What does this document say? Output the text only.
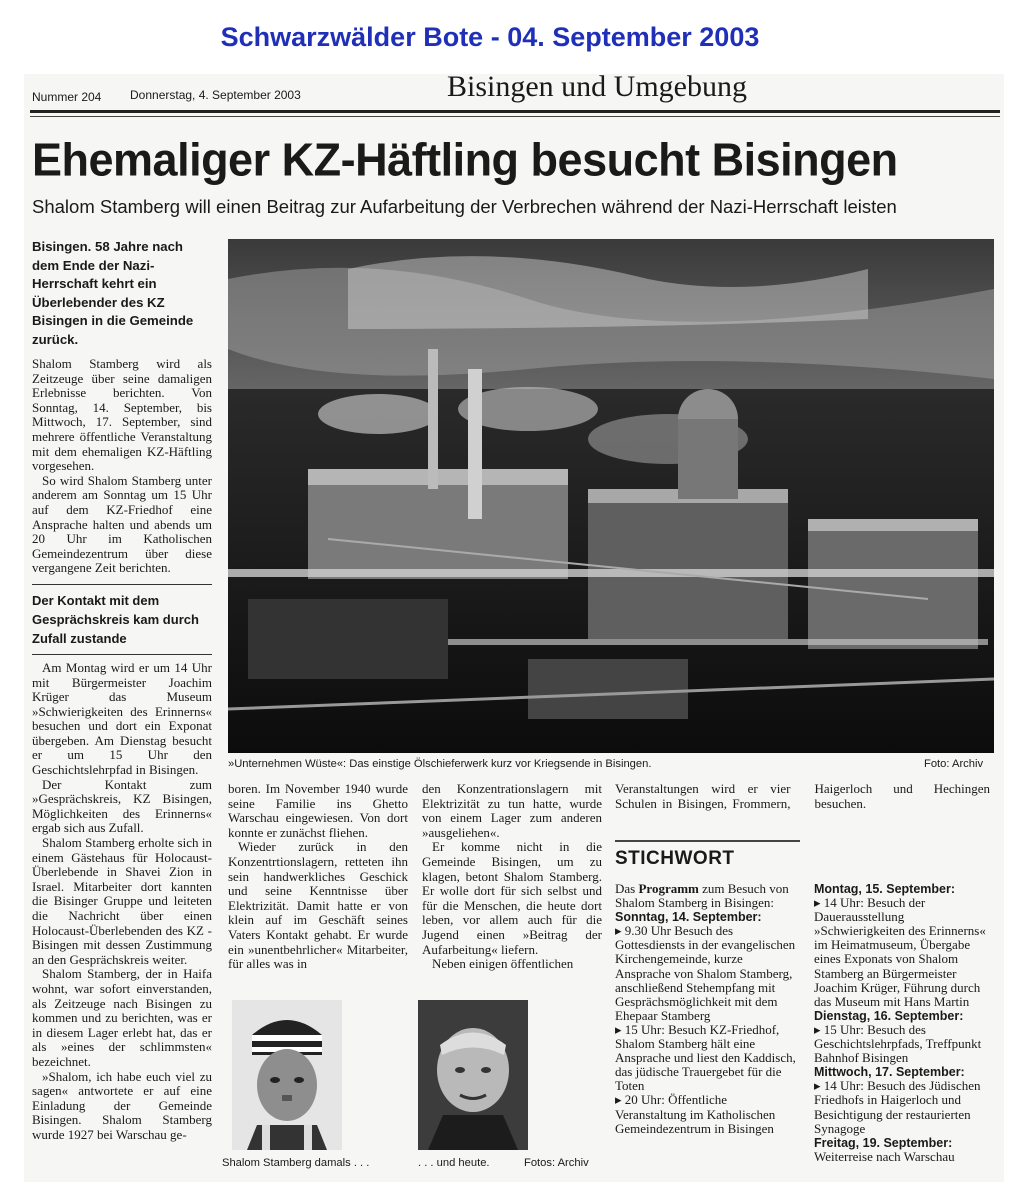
Schwarzwälder Bote - 04. September 2003
Nummer 204 Donnerstag, 4. September 2003	Bisingen und Umgebung
Ehemaliger KZ-Häftling besucht Bisingen
Shalom Stamberg will einen Beitrag zur Aufarbeitung der Verbrechen während der Nazi-Herrschaft leisten
Bisingen. 58 Jahre nach dem Ende der Nazi-Herrschaft kehrt ein Überlebender des KZ Bisingen in die Gemeinde zurück.

Shalom Stamberg wird als Zeitzeuge über seine damaligen Erlebnisse berichten. Von Sonntag, 14. September, bis Mittwoch, 17. September, sind mehrere öffentliche Veranstaltung mit dem ehemaligen KZ-Häftling vorgesehen.

So wird Shalom Stamberg unter anderem am Sonntag um 15 Uhr auf dem KZ-Friedhof eine Ansprache halten und abends um 20 Uhr im Katholischen Gemeindezentrum über diese vergangene Zeit berichten.

Der Kontakt mit dem Gesprächskreis kam durch Zufall zustande

Am Montag wird er um 14 Uhr mit Bürgermeister Joachim Krüger das Museum »Schwierigkeiten des Erinnerns« besuchen und dort ein Exponat übergeben. Am Dienstag besucht er um 15 Uhr den Geschichtslehrpfad in Bisingen.

Der Kontakt zum »Gesprächskreis, KZ Bisingen, Möglichkeiten des Erinnerns« ergab sich aus Zufall.

Shalom Stamberg erholte sich in einem Gästehaus für Holocaust-Überlebende in Shavei Zion in Israel. Mitarbeiter dort kannten die Bisinger Gruppe und leiteten die Nachricht über einen Holocaust-Überlebenden des KZ -Bisingen mit dessen Zustimmung an den Gesprächskreis weiter.

Shalom Stamberg, der in Haifa wohnt, war sofort einverstanden, als Zeitzeuge nach Bisingen zu kommen und zu berichten, was er in diesem Lager erlebt hat, das er als »eines der schlimmsten« bezeichnet.

»Shalom, ich habe euch viel zu sagen« antwortete er auf eine Einladung der Gemeinde Bisingen. Shalom Stamberg wurde 1927 bei Warschau ge-

»Unternehmen Wüste«: Das einstige Ölschieferwerk kurz vor Kriegsende in Bisingen.	Foto: Archiv

boren. Im November 1940 wurde seine Familie ins Ghetto Warschau eingewiesen. Von dort konnte er zunächst fliehen.

Wieder zurück in den Konzentrtionslagern, retteten ihn sein handwerkliches Geschick und seine Kenntnisse über Elektrizität. Damit hatte er von klein auf im Geschäft seines Vaters Kontakt gehabt. Er wurde ein »unentbehrlicher« Mitarbeiter, für alles was in

den Konzentrationslagern mit Elektrizität zu tun hatte, wurde von einem Lager zum anderen »ausgeliehen«.

Er komme nicht in die Gemeinde Bisingen, um zu klagen, betont Shalom Stamberg. Er wolle dort für sich selbst und für die Menschen, die heute dort leben, vor allem auch für die Jugend einen »Beitrag der Aufarbeitung« liefern.

Neben einigen öffentlichen

Veranstaltungen wird er vier Schulen in Bisingen, Frommern, Haigerloch und Hechingen besuchen.

Shalom Stamberg damals . . .	. . . und heute.	Fotos: Archiv
STICHWORT
Das Programm zum Besuch von Shalom Stamberg in Bisingen:
Sonntag, 14. September:
▸ 9.30 Uhr Besuch des Gottesdiensts in der evangelischen Kirchengemeinde, kurze Ansprache von Shalom Stamberg, anschließend Stehempfang mit Gesprächsmöglichkeit mit dem Ehepaar Stamberg
▸ 15 Uhr: Besuch KZ-Friedhof, Shalom Stamberg hält eine Ansprache und liest den Kaddisch, das jüdische Trauergebet für die Toten
▸ 20 Uhr: Öffentliche Veranstaltung im Katholischen Gemeindezentrum in Bisingen
Montag, 15. September:
▸ 14 Uhr: Besuch der Dauerausstellung »Schwierigkeiten des Erinnerns« im Heimatmuseum, Übergabe eines Exponats von Shalom Stamberg an Bürgermeister Joachim Krüger, Führung durch das Museum mit Hans Martin
Dienstag, 16. September:
▸ 15 Uhr: Besuch des Geschichtslehrpfads, Treffpunkt Bahnhof Bisingen
Mittwoch, 17. September:
▸ 14 Uhr: Besuch des Jüdischen Friedhofs in Haigerloch und Besichtigung der restaurierten Synagoge
Freitag, 19. September: Weiterreise nach Warschau
